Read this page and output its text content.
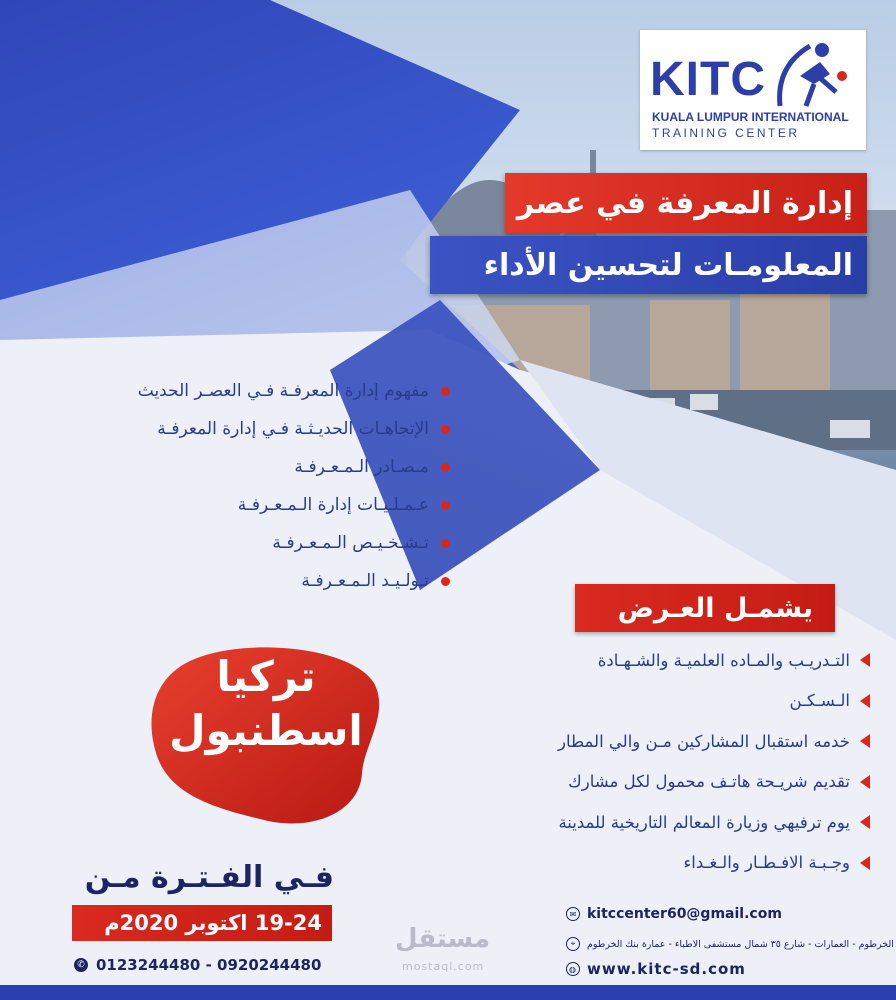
KITC
KUALA LUMPUR INTERNATIONAL
TRAINING CENTER
إدارة المعرفة في عصر
المعلومـات لتحسين الأداء
مفهوم إدارة المعرفـة فـي العصـر الحديث
الإتجاهـات الحديـثـة فـي إدارة المعرفـة
مـصـادر الـمـعـرفـة
عـمـلـيـات إدارة الـمـعـرفـة
تـشـخـيـص الـمـعـرفـة
تـولـيـد الـمـعـرفـة
يشمـل العـرض
التـدريـب والمـاده العلميـة والشـهـادة
الـسـكـن
خدمه استقبال المشاركين مـن والي المطار
تقديم شريـحة هاتـف محمول لكل مشارك
يوم ترفيهي وزيارة المعالم التاريخية للمدينة
وجـبـة الافـطـار والـغـداء
تركيا
اسطنبول
فـي الفـتـرة مـن
19-24 اكتوبر 2020م
✆ 0123244480 - 0920244480
مستقل
mostaql.com
✉ kitccenter60@gmail.com
⌖	الخرطوم - العمارات - شارع ٣٥ شمال مستشفى الاطباء - عمارة بنك الخرطوم
◍ www.kitc-sd.com
